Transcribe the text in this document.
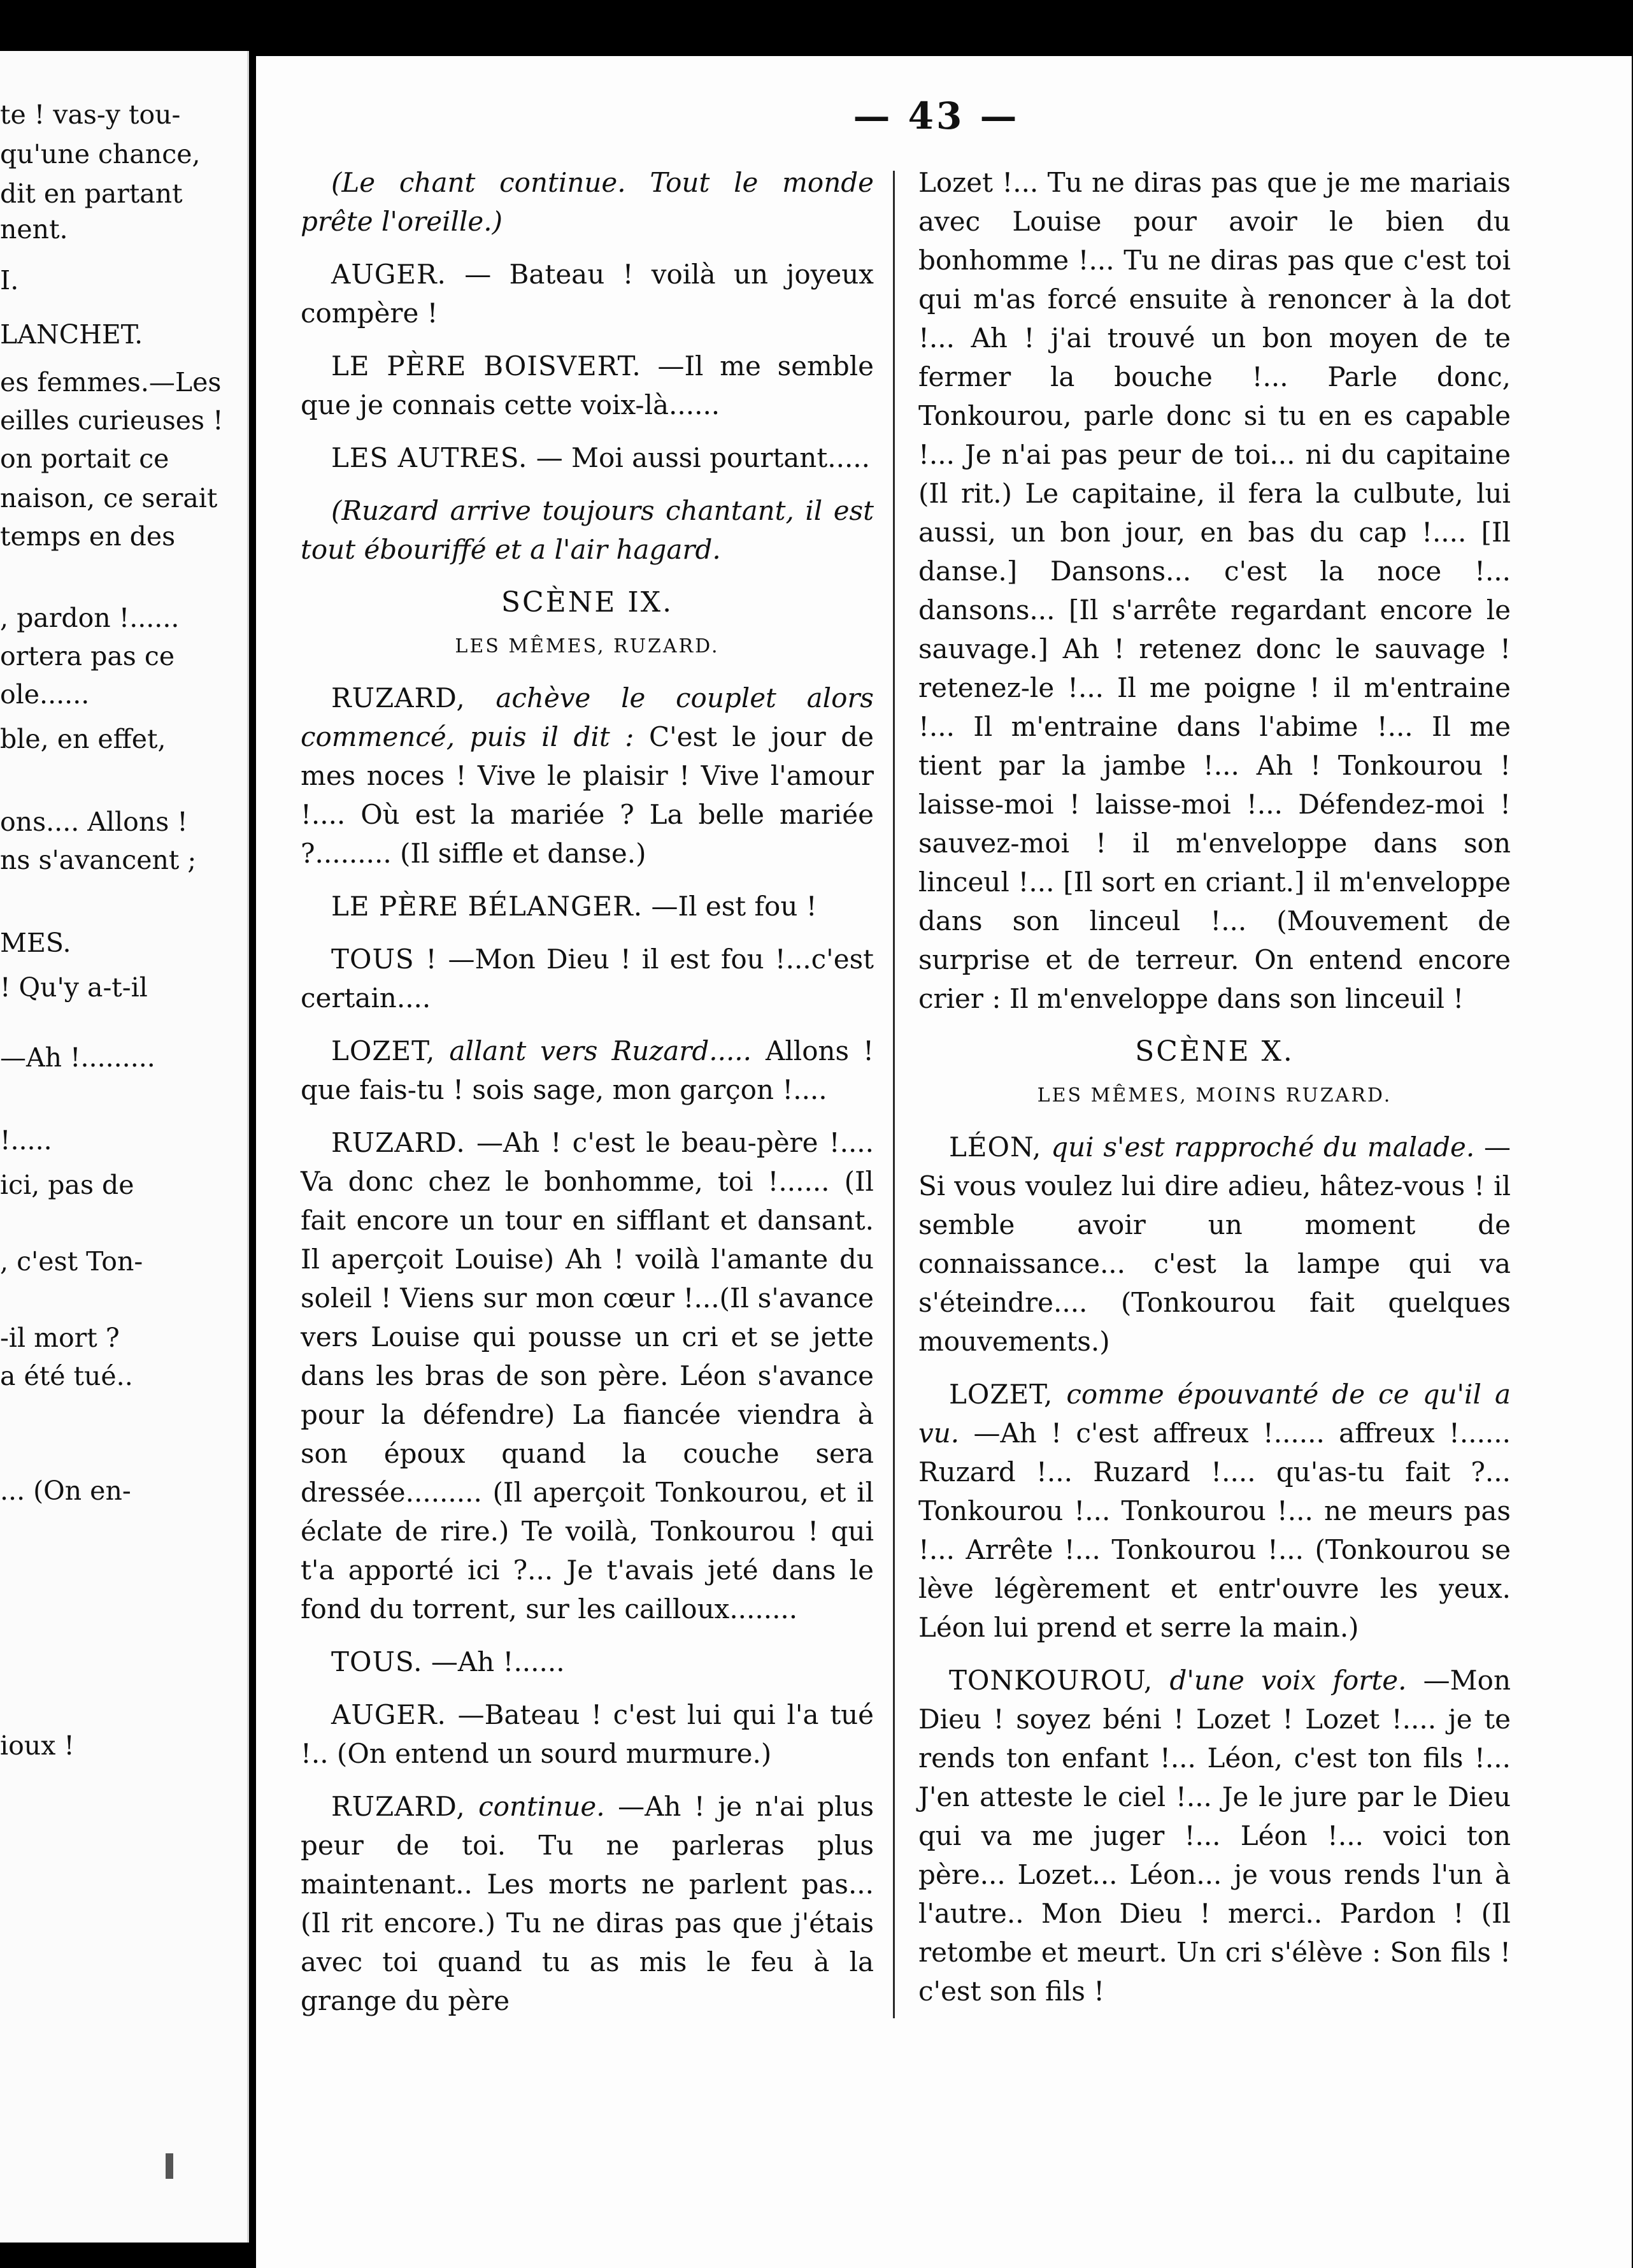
te ! vas-y tou-
qu'une chance,
dit en partant
nent.
I.
LANCHET.
es femmes.—Les
eilles curieuses !
on portait ce
naison, ce serait
temps en des
, pardon !......
ortera pas ce
ole......
ble, en effet,
ons.... Allons !
ns s'avancent ;
MES.
! Qu'y a-t-il
—Ah !.........
!.....
ici, pas de
, c'est Ton-
-il mort ?
a été tué..
... (On en-
ioux !
— 43 —

(Le chant continue. Tout le monde prête l'oreille.)

AUGER. — Bateau ! voilà un joyeux compère !

LE PÈRE BOISVERT. —Il me semble que je connais cette voix-là......

LES AUTRES. — Moi aussi pourtant.....

(Ruzard arrive toujours chantant, il est tout ébouriffé et a l'air hagard.

SCÈNE IX.
LES MÊMES, RUZARD.

RUZARD, achève le couplet alors commencé, puis il dit : C'est le jour de mes noces ! Vive le plaisir ! Vive l'amour !.... Où est la mariée ? La belle mariée ?......... (Il siffle et danse.)

LE PÈRE BÉLANGER. —Il est fou !

TOUS ! —Mon Dieu ! il est fou !...c'est certain....

LOZET, allant vers Ruzard..... Allons ! que fais-tu ! sois sage, mon garçon !....

RUZARD. —Ah ! c'est le beau-père !.... Va donc chez le bonhomme, toi !...... (Il fait encore un tour en sifflant et dansant. Il aperçoit Louise) Ah ! voilà l'amante du soleil ! Viens sur mon cœur !...(Il s'avance vers Louise qui pousse un cri et se jette dans les bras de son père. Léon s'avance pour la défendre) La fiancée viendra à son époux quand la couche sera dressée......... (Il aperçoit Tonkourou, et il éclate de rire.) Te voilà, Tonkourou ! qui t'a apporté ici ?... Je t'avais jeté dans le fond du torrent, sur les cailloux........

TOUS. —Ah !......

AUGER. —Bateau ! c'est lui qui l'a tué !.. (On entend un sourd murmure.)

RUZARD, continue. —Ah ! je n'ai plus peur de toi. Tu ne parleras plus maintenant.. Les morts ne parlent pas... (Il rit encore.) Tu ne diras pas que j'étais avec toi quand tu as mis le feu à la grange du père

Lozet !... Tu ne diras pas que je me mariais avec Louise pour avoir le bien du bonhomme !... Tu ne diras pas que c'est toi qui m'as forcé ensuite à renoncer à la dot !... Ah ! j'ai trouvé un bon moyen de te fermer la bouche !... Parle donc, Tonkourou, parle donc si tu en es capable !... Je n'ai pas peur de toi... ni du capitaine (Il rit.) Le capitaine, il fera la culbute, lui aussi, un bon jour, en bas du cap !.... [Il danse.] Dansons... c'est la noce !... dansons... [Il s'arrête regardant encore le sauvage.] Ah ! retenez donc le sauvage ! retenez-le !... Il me poigne ! il m'entraine !... Il m'entraine dans l'abime !... Il me tient par la jambe !... Ah ! Tonkourou ! laisse-moi ! laisse-moi !... Défendez-moi ! sauvez-moi ! il m'enveloppe dans son linceul !... [Il sort en criant.] il m'enveloppe dans son linceul !... (Mouvement de surprise et de terreur. On entend encore crier : Il m'enveloppe dans son linceuil !

SCÈNE X.
LES MÊMES, MOINS RUZARD.

LÉON, qui s'est rapproché du malade. — Si vous voulez lui dire adieu, hâtez-vous ! il semble avoir un moment de connaissance... c'est la lampe qui va s'éteindre.... (Tonkourou fait quelques mouvements.)

LOZET, comme épouvanté de ce qu'il a vu. —Ah ! c'est affreux !...... affreux !...... Ruzard !... Ruzard !.... qu'as-tu fait ?... Tonkourou !... Tonkourou !... ne meurs pas !... Arrête !... Tonkourou !... (Tonkourou se lève légèrement et entr'ouvre les yeux. Léon lui prend et serre la main.)

TONKOUROU, d'une voix forte. —Mon Dieu ! soyez béni ! Lozet ! Lozet !.... je te rends ton enfant !... Léon, c'est ton fils !... J'en atteste le ciel !... Je le jure par le Dieu qui va me juger !... Léon !... voici ton père... Lozet... Léon... je vous rends l'un à l'autre.. Mon Dieu ! merci.. Pardon ! (Il retombe et meurt. Un cri s'élève : Son fils ! c'est son fils !
